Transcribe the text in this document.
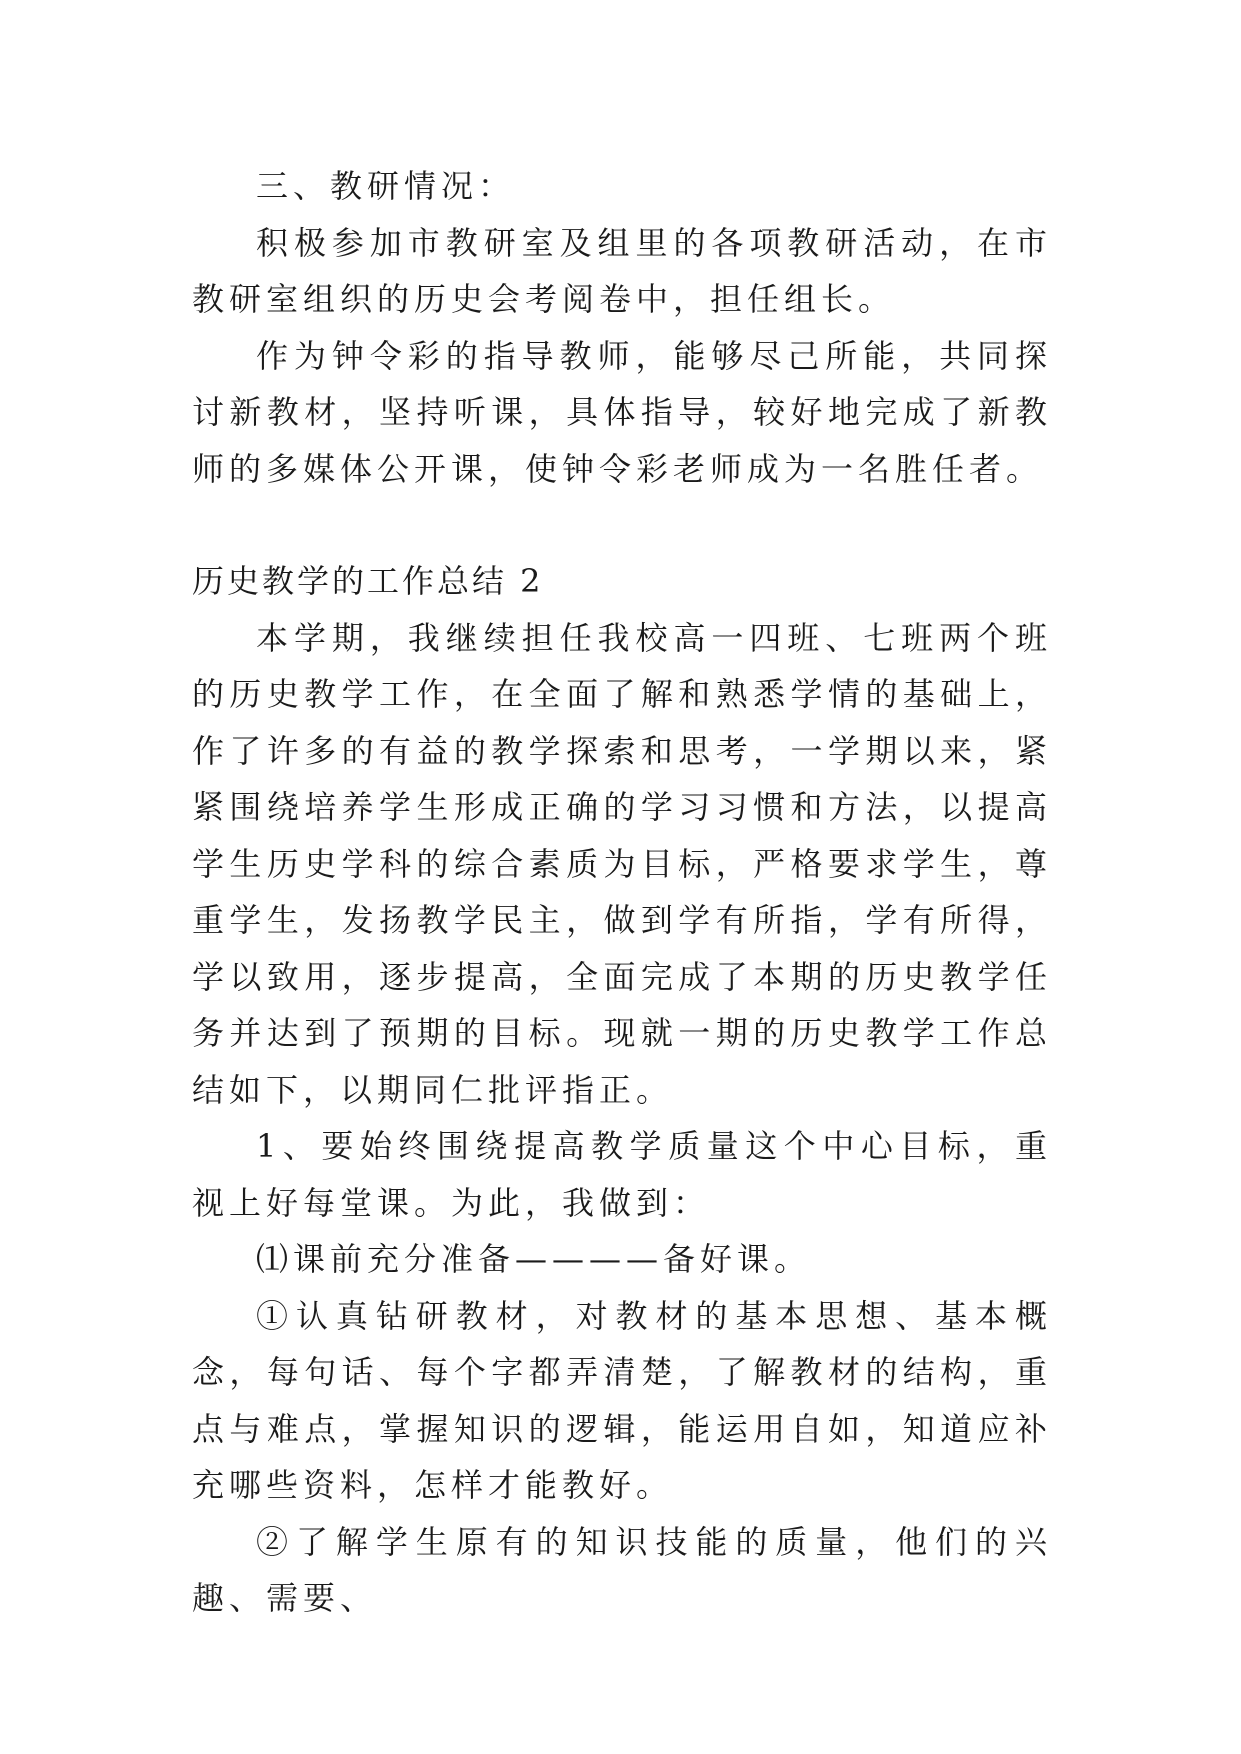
三、教研情况：

积极参加市教研室及组里的各项教研活动，在市教研室组织的历史会考阅卷中，担任组长。

作为钟令彩的指导教师，能够尽己所能，共同探讨新教材，坚持听课，具体指导，较好地完成了新教师的多媒体公开课，使钟令彩老师成为一名胜任者。

历史教学的工作总结 2

本学期，我继续担任我校高一四班、七班两个班的历史教学工作，在全面了解和熟悉学情的基础上，作了许多的有益的教学探索和思考，一学期以来，紧紧围绕培养学生形成正确的学习习惯和方法，以提高学生历史学科的综合素质为目标，严格要求学生，尊重学生，发扬教学民主，做到学有所指，学有所得，学以致用，逐步提高，全面完成了本期的历史教学任务并达到了预期的目标。现就一期的历史教学工作总结如下，以期同仁批评指正。

1、要始终围绕提高教学质量这个中心目标，重视上好每堂课。为此，我做到：

⑴课前充分准备————备好课。

①认真钻研教材，对教材的基本思想、基本概念，每句话、每个字都弄清楚，了解教材的结构，重点与难点，掌握知识的逻辑，能运用自如，知道应补充哪些资料，怎样才能教好。

②了解学生原有的知识技能的质量，他们的兴趣、需要、
